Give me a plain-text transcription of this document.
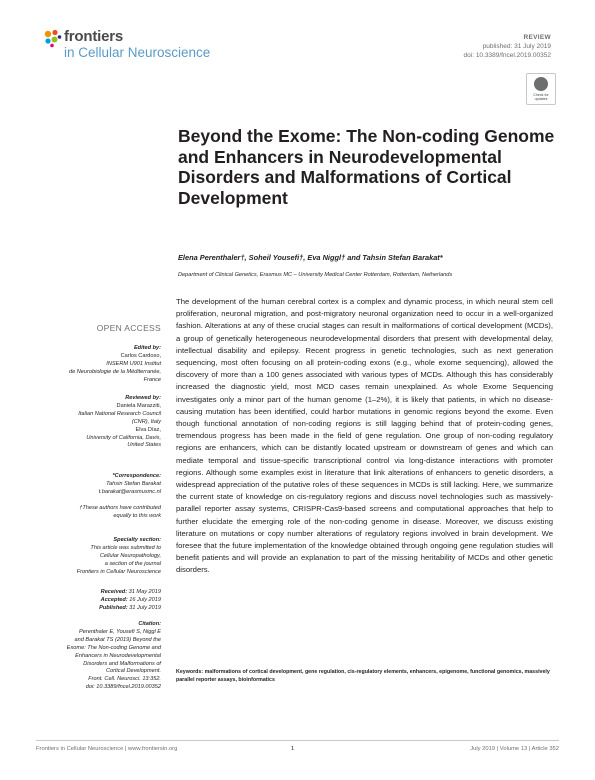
frontiers
in Cellular Neuroscience
REVIEW
published: 31 July 2019
doi: 10.3389/fncel.2019.00352
Check for
updates
Beyond the Exome: The Non-coding Genome and Enhancers in Neurodevelopmental Disorders and Malformations of Cortical Development
Elena Perenthaler†, Soheil Yousefi†, Eva Niggl† and Tahsin Stefan Barakat*
Department of Clinical Genetics, Erasmus MC – University Medical Center Rotterdam, Rotterdam, Netherlands
The development of the human cerebral cortex is a complex and dynamic process, in which neural stem cell proliferation, neuronal migration, and post-migratory neuronal organization need to occur in a well-organized fashion. Alterations at any of these crucial stages can result in malformations of cortical development (MCDs), a group of genetically heterogeneous neurodevelopmental disorders that present with developmental delay, intellectual disability and epilepsy. Recent progress in genetic technologies, such as next generation sequencing, most often focusing on all protein-coding exons (e.g., whole exome sequencing), allowed the discovery of more than a 100 genes associated with various types of MCDs. Although this has considerably increased the diagnostic yield, most MCD cases remain unexplained. As whole Exome Sequencing investigates only a minor part of the human genome (1–2%), it is likely that patients, in which no disease-causing mutation has been identified, could harbor mutations in genomic regions beyond the exome. Even though functional annotation of non-coding regions is still lagging behind that of protein-coding genes, tremendous progress has been made in the field of gene regulation. One group of non-coding regulatory regions are enhancers, which can be distantly located upstream or downstream of genes and which can mediate temporal and tissue-specific transcriptional control via long-distance interactions with promoter regions. Although some examples exist in literature that link alterations of enhancers to genetic disorders, a widespread appreciation of the putative roles of these sequences in MCDs is still lacking. Here, we summarize the current state of knowledge on cis-regulatory regions and discuss novel technologies such as massively-parallel reporter assay systems, CRISPR-Cas9-based screens and computational approaches that help to further elucidate the emerging role of the non-coding genome in disease. Moreover, we discuss existing literature on mutations or copy number alterations of regulatory regions involved in brain development. We foresee that the future implementation of the knowledge obtained through ongoing gene regulation studies will benefit patients and will provide an explanation to part of the missing heritability of MCDs and other genetic disorders.
Keywords: malformations of cortical development, gene regulation, cis-regulatory elements, enhancers, epigenome, functional genomics, massively parallel reporter assays, bioinformatics
OPEN ACCESS

Edited by:

Carlos Cardoso,

INSERM U901 Institut

de Neurobiologie de la Méditerranée,

France

Reviewed by:

Daniela Marazziti,

Italian National Research Council

(CNR), Italy

Elva Díaz,

University of California, Davis,

United States

*Correspondence:

Tahsin Stefan Barakat

t.barakat@erasmusmc.nl

†These authors have contributed

equally to this work

Specialty section:

This article was submitted to

Cellular Neuropathology,

a section of the journal

Frontiers in Cellular Neuroscience

Received: 31 May 2019

Accepted: 16 July 2019

Published: 31 July 2019

Citation:

Perenthaler E, Yousefi S, Niggl E

and Barakat TS (2019) Beyond the

Exome: The Non-coding Genome and

Enhancers in Neurodevelopmental

Disorders and Malformations of

Cortical Development.

Front. Cell. Neurosci. 13:352.

doi: 10.3389/fncel.2019.00352

Frontiers in Cellular Neuroscience | www.frontiersin.org	1	July 2019 | Volume 13 | Article 352
